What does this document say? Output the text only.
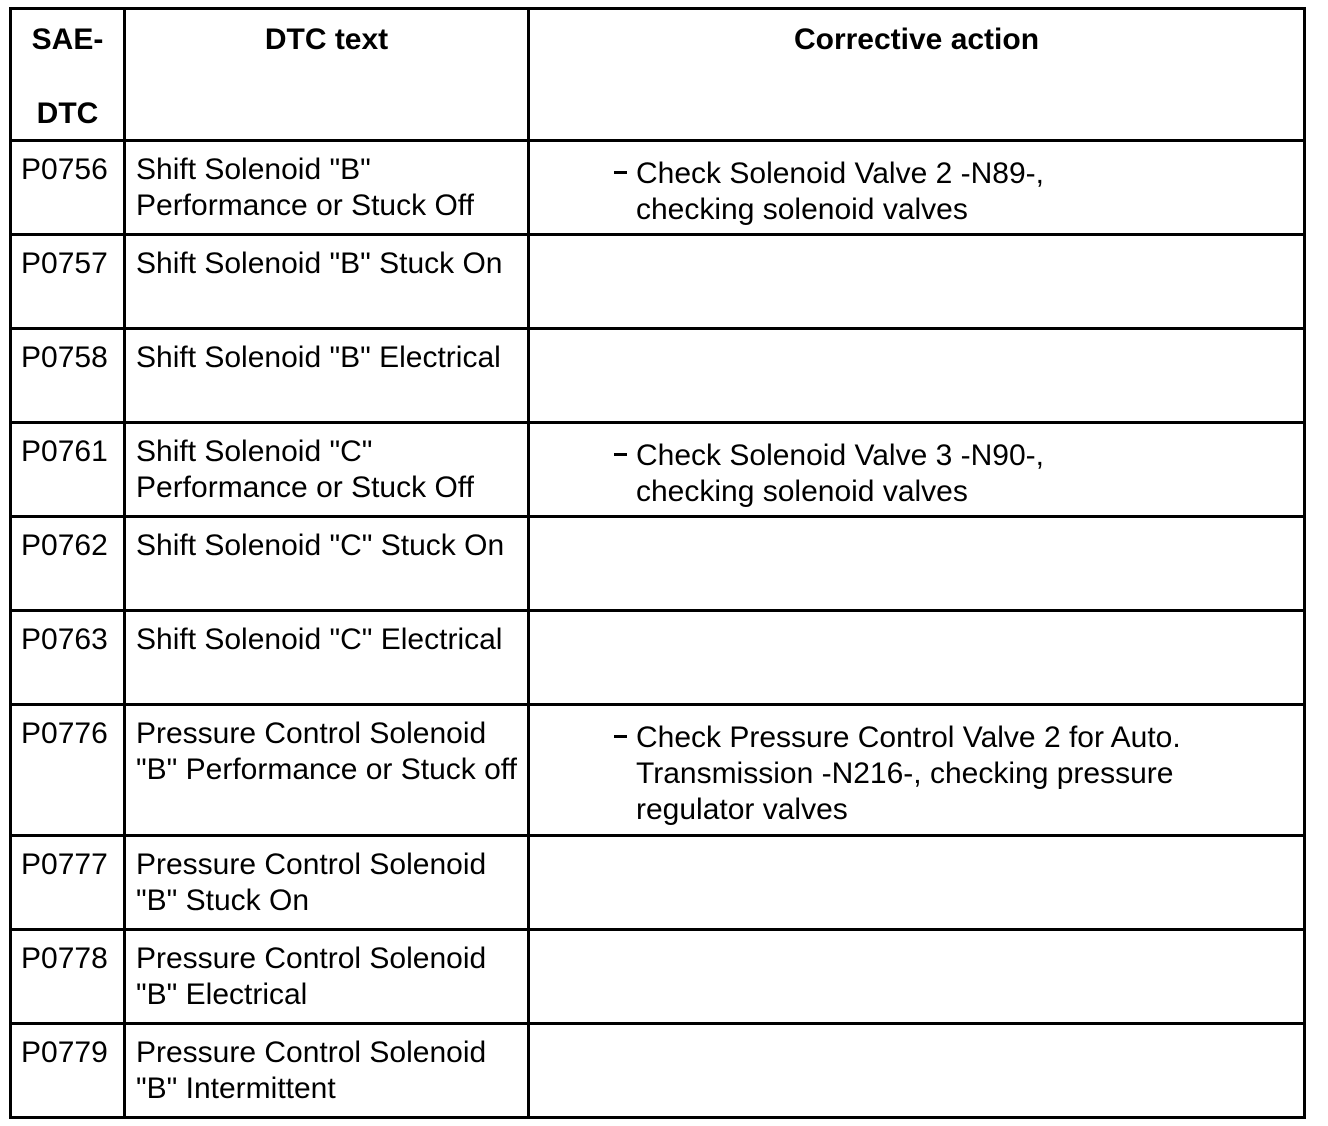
SAE-
DTC	DTC text	Corrective action
P0756	Shift Solenoid "B" Performance or Stuck Off	Check Solenoid Valve 2 -N89-,
checking solenoid valves

P0757	Shift Solenoid "B" Stuck On	
P0758	Shift Solenoid "B" Electrical	
P0761	Shift Solenoid "C" Performance or Stuck Off	Check Solenoid Valve 3 -N90-,
checking solenoid valves

P0762	Shift Solenoid "C" Stuck On	
P0763	Shift Solenoid "C" Electrical	
P0776	Pressure Control Solenoid "B" Performance or Stuck off	Check Pressure Control Valve 2 for Auto. Transmission -N216-, checking pressure regulator valves

P0777	Pressure Control Solenoid "B" Stuck On	
P0778	Pressure Control Solenoid "B" Electrical	
P0779	Pressure Control Solenoid "B" Intermittent	
